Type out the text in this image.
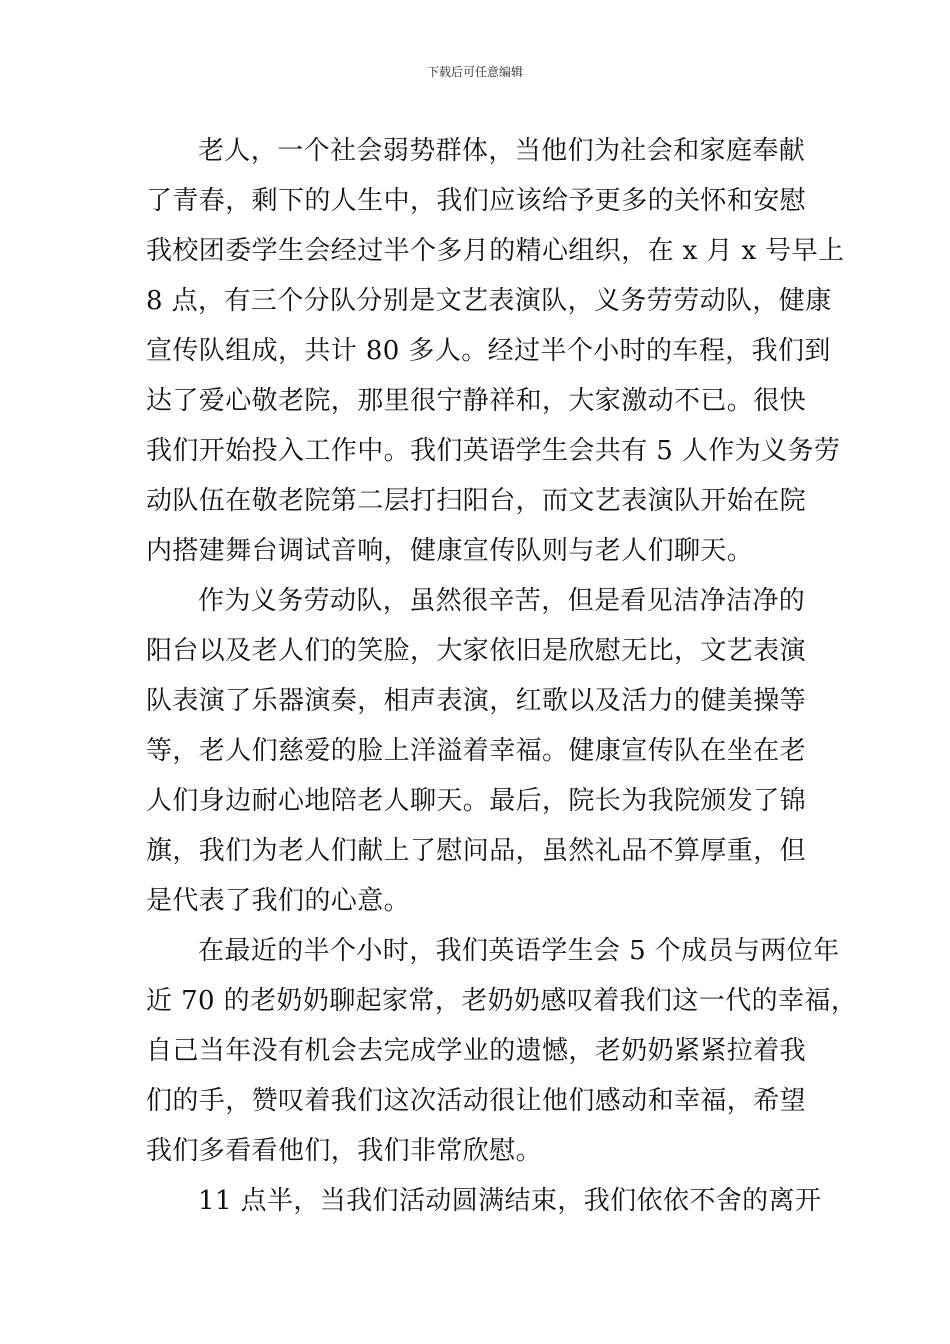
下载后可任意编辑
老人，一个社会弱势群体，当他们为社会和家庭奉献
了青春，剩下的人生中，我们应该给予更多的关怀和安慰
我校团委学生会经过半个多月的精心组织，在 x 月 x 号早上
8 点，有三个分队分别是文艺表演队，义务劳劳动队，健康
宣传队组成，共计 80 多人。经过半个小时的车程，我们到
达了爱心敬老院，那里很宁静祥和，大家激动不已。很快
我们开始投入工作中。我们英语学生会共有 5 人作为义务劳
动队伍在敬老院第二层打扫阳台，而文艺表演队开始在院
内搭建舞台调试音响，健康宣传队则与老人们聊天。
作为义务劳动队，虽然很辛苦，但是看见洁净洁净的
阳台以及老人们的笑脸，大家依旧是欣慰无比，文艺表演
队表演了乐器演奏，相声表演，红歌以及活力的健美操等
等，老人们慈爱的脸上洋溢着幸福。健康宣传队在坐在老
人们身边耐心地陪老人聊天。最后，院长为我院颁发了锦
旗，我们为老人们献上了慰问品，虽然礼品不算厚重，但
是代表了我们的心意。
在最近的半个小时，我们英语学生会 5 个成员与两位年
近 70 的老奶奶聊起家常，老奶奶感叹着我们这一代的幸福，
自己当年没有机会去完成学业的遗憾，老奶奶紧紧拉着我
们的手，赞叹着我们这次活动很让他们感动和幸福，希望
我们多看看他们，我们非常欣慰。
11 点半，当我们活动圆满结束，我们依依不舍的离开
